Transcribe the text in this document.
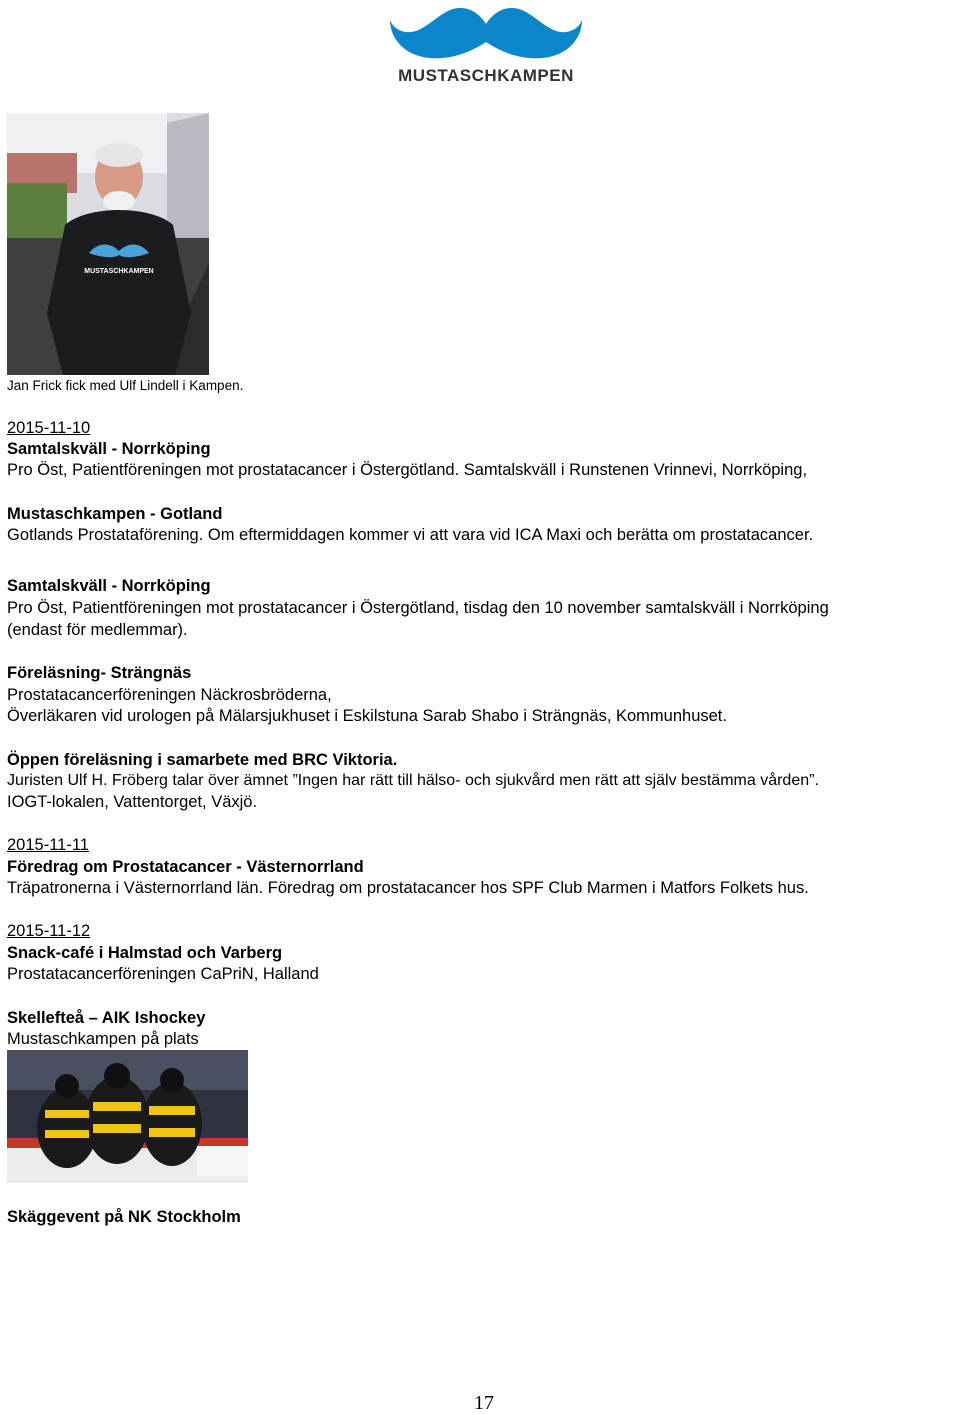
MUSTASCHKAMPEN
MUSTASCHKAMPEN
Jan Frick fick med Ulf Lindell i Kampen.
2015-11-10
Samtalskväll - Norrköping
Pro Öst, Patientföreningen mot prostatacancer i Östergötland. Samtalskväll i Runstenen Vrinnevi, Norrköping,
Mustaschkampen - Gotland
Gotlands Prostataförening. Om eftermiddagen kommer vi att vara vid ICA Maxi och berätta om prostatacancer.
Samtalskväll - Norrköping
Pro Öst, Patientföreningen mot prostatacancer i Östergötland, tisdag den 10 november samtalskväll i Norrköping
(endast för medlemmar).
Föreläsning- Strängnäs
Prostatacancerföreningen Näckrosbröderna,
Överläkaren vid urologen på Mälarsjukhuset i Eskilstuna Sarab Shabo i Strängnäs, Kommunhuset.
Öppen föreläsning i samarbete med BRC Viktoria.
Juristen Ulf H. Fröberg talar över ämnet ”Ingen har rätt till hälso- och sjukvård men rätt att själv bestämma vården”.
IOGT-lokalen, Vattentorget, Växjö.
2015-11-11
Föredrag om Prostatacancer - Västernorrland
Träpatronerna i Västernorrland län. Föredrag om prostatacancer hos SPF Club Marmen i Matfors Folkets hus.
2015-11-12
Snack-café i Halmstad och Varberg
Prostatacancerföreningen CaPriN, Halland
Skellefteå – AIK Ishockey
Mustaschkampen på plats
Skäggevent på NK Stockholm
17
